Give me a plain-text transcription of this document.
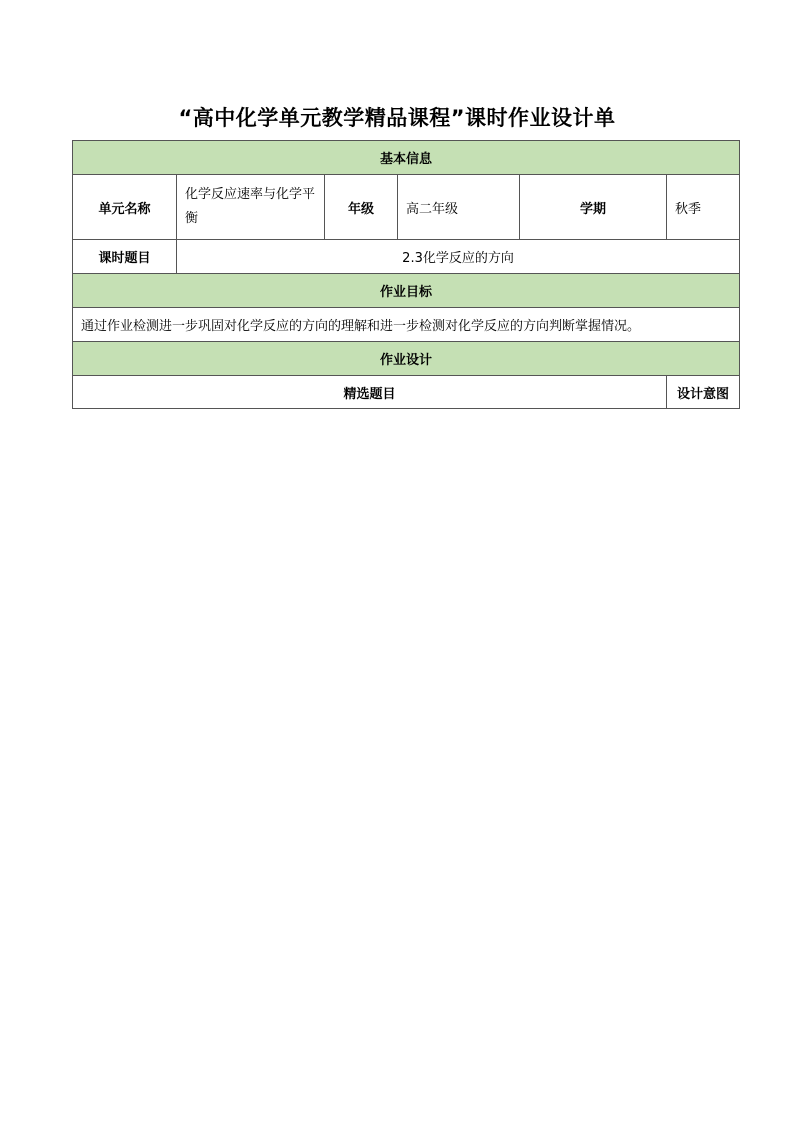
“高中化学单元教学精品课程”课时作业设计单
基本信息					
单元名称	化学反应速率与化学平衡	年级	高二年级	学期	秋季
课时题目	2.3化学反应的方向				
作业目标					
通过作业检测进一步巩固对化学反应的方向的理解和进一步检测对化学反应的方向判断掌握情况。					
作业设计					
精选题目					设计意图
